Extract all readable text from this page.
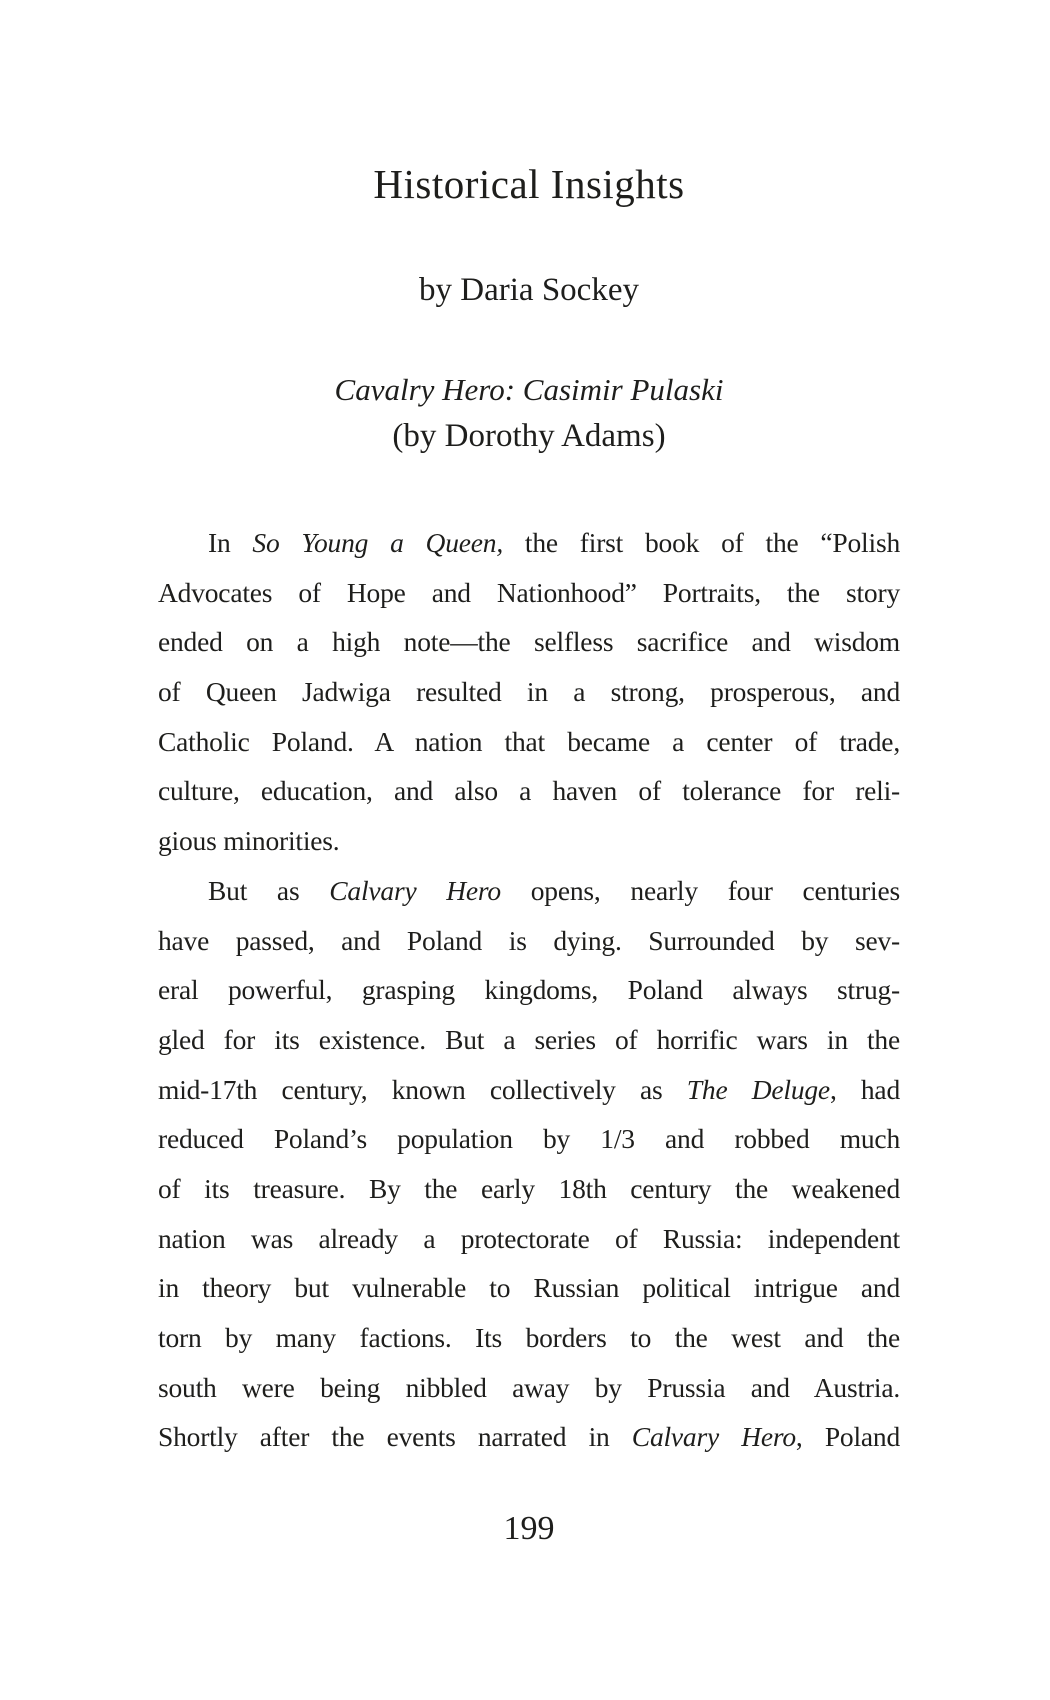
Historical Insights
by Daria Sockey
Cavalry Hero: Casimir Pulaski
(by Dorothy Adams)
In So Young a Queen, the first book of the “Polish
Advocates of Hope and Nationhood” Portraits, the story
ended on a high note—the selfless sacrifice and wisdom
of Queen Jadwiga resulted in a strong, prosperous, and
Catholic Poland. A nation that became a center of trade,
culture, education, and also a haven of tolerance for reli-
gious minorities.
But as Calvary Hero opens, nearly four centuries
have passed, and Poland is dying. Surrounded by sev-
eral powerful, grasping kingdoms, Poland always strug-
gled for its existence. But a series of horrific wars in the
mid-17th century, known collectively as The Deluge, had
reduced Poland’s population by 1/3 and robbed much
of its treasure. By the early 18th century the weakened
nation was already a protectorate of Russia: independent
in theory but vulnerable to Russian political intrigue and
torn by many factions. Its borders to the west and the
south were being nibbled away by Prussia and Austria.
Shortly after the events narrated in Calvary Hero, Poland
199
